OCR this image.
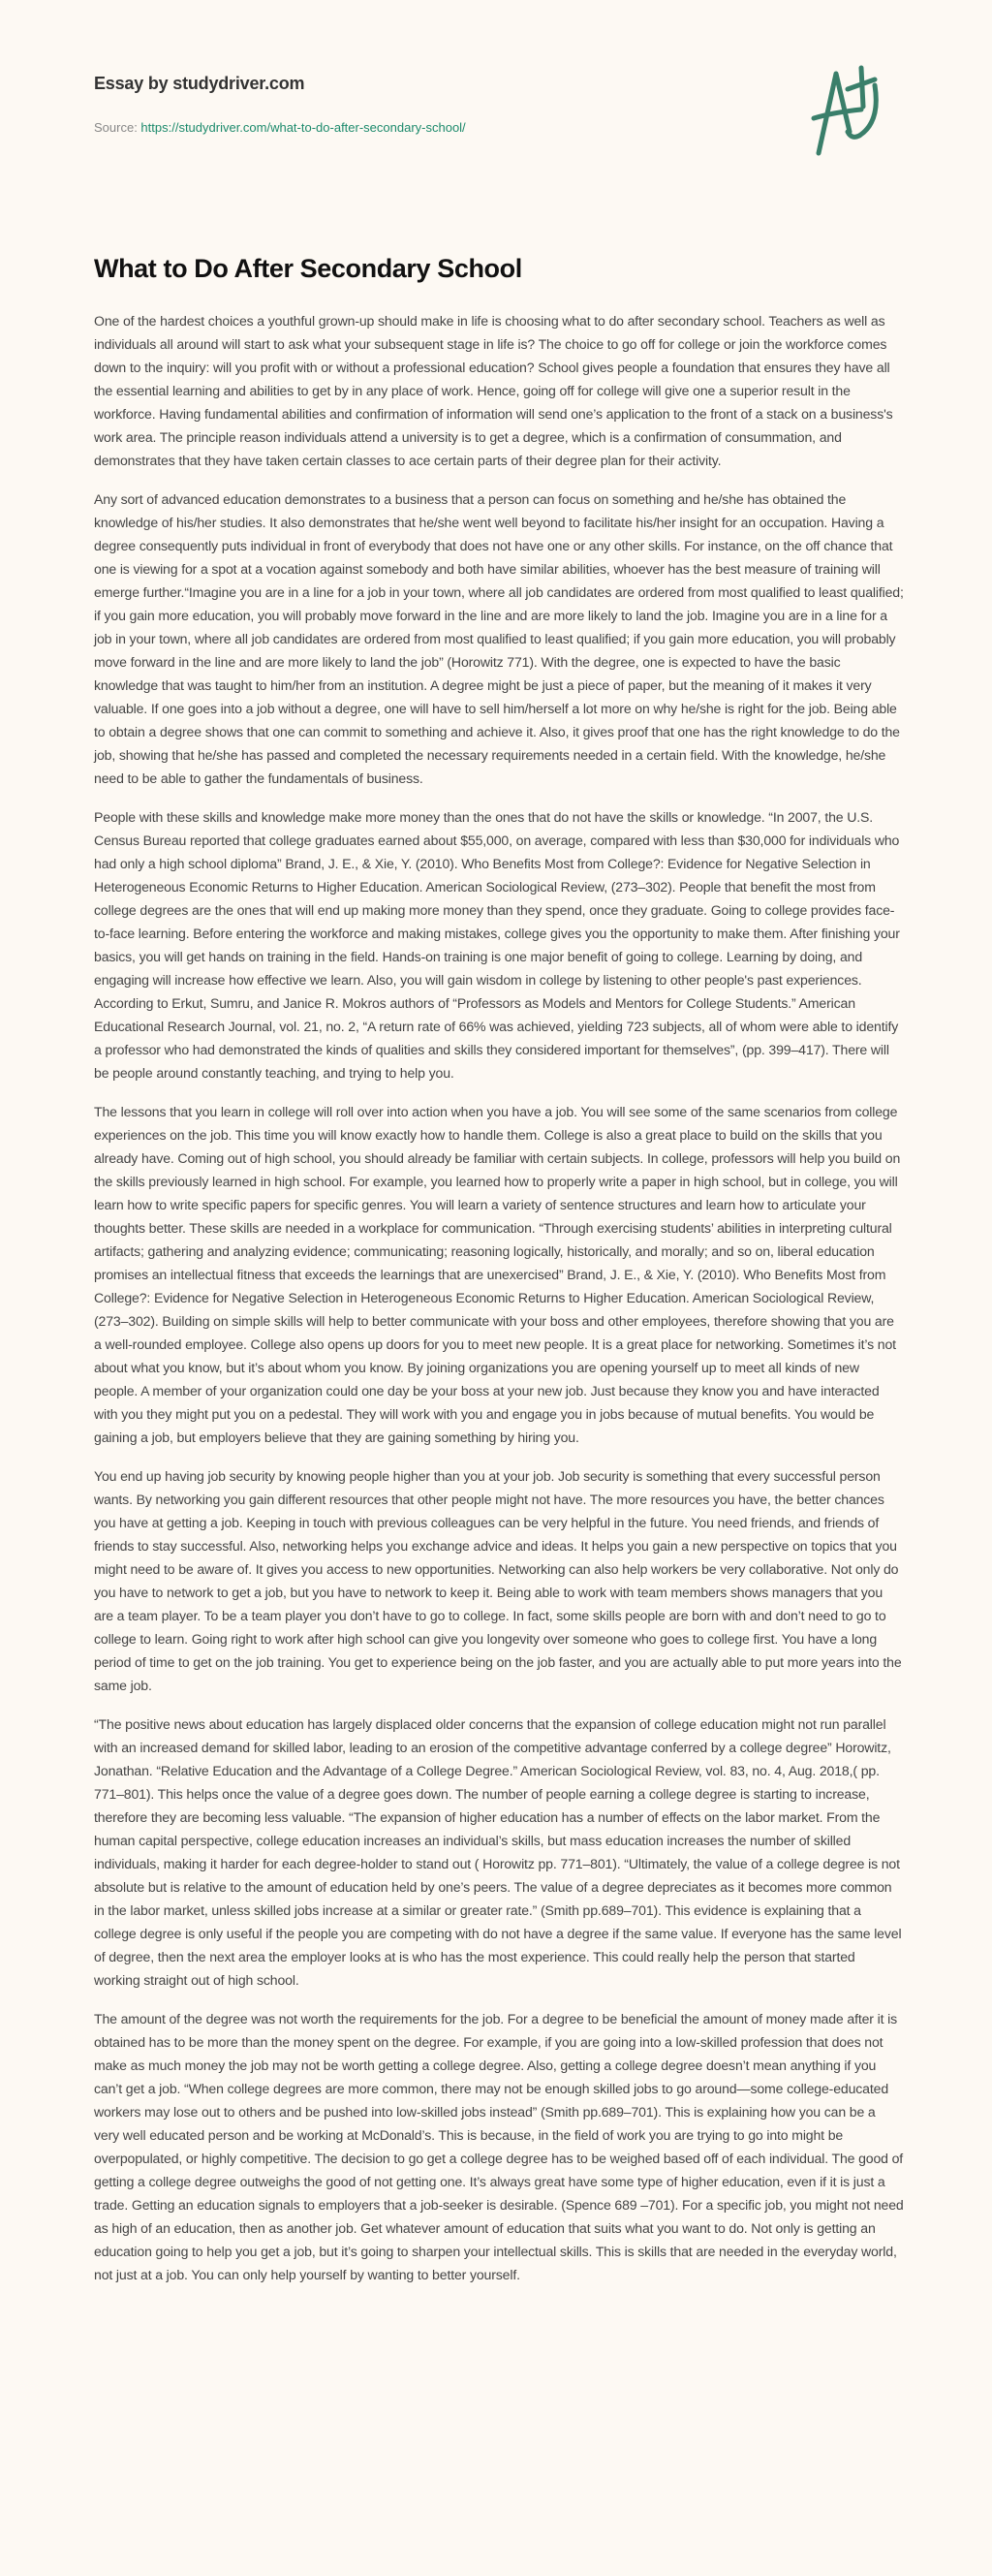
Essay by studydriver.com
Source: https://studydriver.com/what-to-do-after-secondary-school/
What to Do After Secondary School

One of the hardest choices a youthful grown-up should make in life is choosing what to do after secondary school. Teachers as well as individuals all around will start to ask what your subsequent stage in life is? The choice to go off for college or join the workforce comes down to the inquiry: will you profit with or without a professional education? School gives people a foundation that ensures they have all the essential learning and abilities to get by in any place of work. Hence, going off for college will give one a superior result in the workforce. Having fundamental abilities and confirmation of information will send one’s application to the front of a stack on a business's work area. The principle reason individuals attend a university is to get a degree, which is a confirmation of consummation, and demonstrates that they have taken certain classes to ace certain parts of their degree plan for their activity.

Any sort of advanced education demonstrates to a business that a person can focus on something and he/she has obtained the knowledge of his/her studies. It also demonstrates that he/she went well beyond to facilitate his/her insight for an occupation. Having a degree consequently puts individual in front of everybody that does not have one or any other skills. For instance, on the off chance that one is viewing for a spot at a vocation against somebody and both have similar abilities, whoever has the best measure of training will emerge further.“Imagine you are in a line for a job in your town, where all job candidates are ordered from most qualified to least qualified; if you gain more education, you will probably move forward in the line and are more likely to land the job. Imagine you are in a line for a job in your town, where all job candidates are ordered from most qualified to least qualified; if you gain more education, you will probably move forward in the line and are more likely to land the job” (Horowitz 771). With the degree, one is expected to have the basic knowledge that was taught to him/her from an institution. A degree might be just a piece of paper, but the meaning of it makes it very valuable. If one goes into a job without a degree, one will have to sell him/herself a lot more on why he/she is right for the job. Being able to obtain a degree shows that one can commit to something and achieve it. Also, it gives proof that one has the right knowledge to do the job, showing that he/she has passed and completed the necessary requirements needed in a certain field. With the knowledge, he/she need to be able to gather the fundamentals of business.

People with these skills and knowledge make more money than the ones that do not have the skills or knowledge. “In 2007, the U.S. Census Bureau reported that college graduates earned about $55,000, on average, compared with less than $30,000 for individuals who had only a high school diploma” Brand, J. E., & Xie, Y. (2010). Who Benefits Most from College?: Evidence for Negative Selection in Heterogeneous Economic Returns to Higher Education. American Sociological Review, (273–302). People that benefit the most from college degrees are the ones that will end up making more money than they spend, once they graduate. Going to college provides face-to-face learning. Before entering the workforce and making mistakes, college gives you the opportunity to make them. After finishing your basics, you will get hands on training in the field. Hands-on training is one major benefit of going to college. Learning by doing, and engaging will increase how effective we learn. Also, you will gain wisdom in college by listening to other people's past experiences. According to Erkut, Sumru, and Janice R. Mokros authors of “Professors as Models and Mentors for College Students.” American Educational Research Journal, vol. 21, no. 2, “A return rate of 66% was achieved, yielding 723 subjects, all of whom were able to identify a professor who had demonstrated the kinds of qualities and skills they considered important for themselves”, (pp. 399–417). There will be people around constantly teaching, and trying to help you.

The lessons that you learn in college will roll over into action when you have a job. You will see some of the same scenarios from college experiences on the job. This time you will know exactly how to handle them. College is also a great place to build on the skills that you already have. Coming out of high school, you should already be familiar with certain subjects. In college, professors will help you build on the skills previously learned in high school. For example, you learned how to properly write a paper in high school, but in college, you will learn how to write specific papers for specific genres. You will learn a variety of sentence structures and learn how to articulate your thoughts better. These skills are needed in a workplace for communication. “Through exercising students’ abilities in interpreting cultural artifacts; gathering and analyzing evidence; communicating; reasoning logically, historically, and morally; and so on, liberal education promises an intellectual fitness that exceeds the learnings that are unexercised” Brand, J. E., & Xie, Y. (2010). Who Benefits Most from College?: Evidence for Negative Selection in Heterogeneous Economic Returns to Higher Education. American Sociological Review, (273–302). Building on simple skills will help to better communicate with your boss and other employees, therefore showing that you are a well-rounded employee. College also opens up doors for you to meet new people. It is a great place for networking. Sometimes it’s not about what you know, but it’s about whom you know. By joining organizations you are opening yourself up to meet all kinds of new people. A member of your organization could one day be your boss at your new job. Just because they know you and have interacted with you they might put you on a pedestal. They will work with you and engage you in jobs because of mutual benefits. You would be gaining a job, but employers believe that they are gaining something by hiring you.

You end up having job security by knowing people higher than you at your job. Job security is something that every successful person wants. By networking you gain different resources that other people might not have. The more resources you have, the better chances you have at getting a job. Keeping in touch with previous colleagues can be very helpful in the future. You need friends, and friends of friends to stay successful. Also, networking helps you exchange advice and ideas. It helps you gain a new perspective on topics that you might need to be aware of. It gives you access to new opportunities. Networking can also help workers be very collaborative. Not only do you have to network to get a job, but you have to network to keep it. Being able to work with team members shows managers that you are a team player. To be a team player you don’t have to go to college. In fact, some skills people are born with and don’t need to go to college to learn. Going right to work after high school can give you longevity over someone who goes to college first. You have a long period of time to get on the job training. You get to experience being on the job faster, and you are actually able to put more years into the same job.

“The positive news about education has largely displaced older concerns that the expansion of college education might not run parallel with an increased demand for skilled labor, leading to an erosion of the competitive advantage conferred by a college degree” Horowitz, Jonathan. “Relative Education and the Advantage of a College Degree.” American Sociological Review, vol. 83, no. 4, Aug. 2018,( pp. 771–801). This helps once the value of a degree goes down. The number of people earning a college degree is starting to increase, therefore they are becoming less valuable. “The expansion of higher education has a number of effects on the labor market. From the human capital perspective, college education increases an individual’s skills, but mass education increases the number of skilled individuals, making it harder for each degree-holder to stand out ( Horowitz pp. 771–801). “Ultimately, the value of a college degree is not absolute but is relative to the amount of education held by one’s peers. The value of a degree depreciates as it becomes more common in the labor market, unless skilled jobs increase at a similar or greater rate.” (Smith pp.689–701). This evidence is explaining that a college degree is only useful if the people you are competing with do not have a degree if the same value. If everyone has the same level of degree, then the next area the employer looks at is who has the most experience. This could really help the person that started working straight out of high school.

The amount of the degree was not worth the requirements for the job. For a degree to be beneficial the amount of money made after it is obtained has to be more than the money spent on the degree. For example, if you are going into a low-skilled profession that does not make as much money the job may not be worth getting a college degree. Also, getting a college degree doesn’t mean anything if you can’t get a job. “When college degrees are more common, there may not be enough skilled jobs to go around—some college-educated workers may lose out to others and be pushed into low-skilled jobs instead” (Smith pp.689–701). This is explaining how you can be a very well educated person and be working at McDonald’s. This is because, in the field of work you are trying to go into might be overpopulated, or highly competitive. The decision to go get a college degree has to be weighed based off of each individual. The good of getting a college degree outweighs the good of not getting one. It’s always great have some type of higher education, even if it is just a trade. Getting an education signals to employers that a job-seeker is desirable. (Spence 689 –701). For a specific job, you might not need as high of an education, then as another job. Get whatever amount of education that suits what you want to do. Not only is getting an education going to help you get a job, but it’s going to sharpen your intellectual skills. This is skills that are needed in the everyday world, not just at a job. You can only help yourself by wanting to better yourself.
